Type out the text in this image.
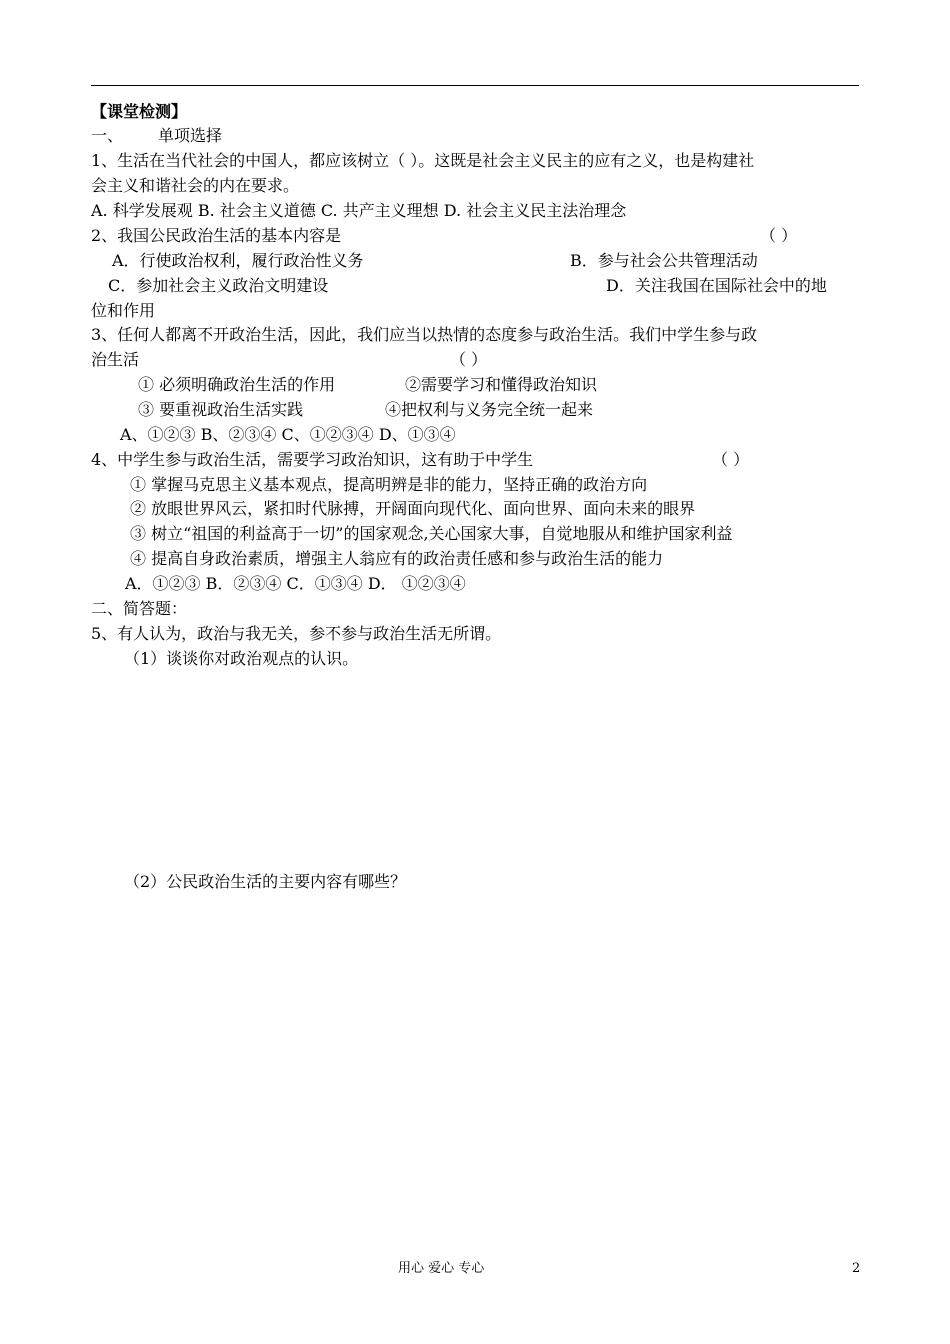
【课堂检测】
一、 单项选择
1、生活在当代社会的中国人，都应该树立（ ）。这既是社会主义民主的应有之义，也是构建社
会主义和谐社会的内在要求。
A. 科学发展观 B. 社会主义道德 C. 共产主义理想 D. 社会主义民主法治理念
2、我国公民政治生活的基本内容是	（ ）
A．行使政治权利，履行政治性义务	B．参与社会公共管理活动
C．参加社会主义政治文明建设	D．关注我国在国际社会中的地
位和作用
3、任何人都离不开政治生活，因此，我们应当以热情的态度参与政治生活。我们中学生参与政
治生活	（ ）
① 必须明确政治生活的作用	②需要学习和懂得政治知识
③ 要重视政治生活实践	④把权利与义务完全统一起来
A、①②③ B、②③④ C、①②③④ D、①③④
4、中学生参与政治生活，需要学习政治知识，这有助于中学生	（ ）
① 掌握马克思主义基本观点，提高明辨是非的能力，坚持正确的政治方向
② 放眼世界风云，紧扣时代脉搏，开阔面向现代化、面向世界、面向未来的眼界
③ 树立“祖国的利益高于一切”的国家观念,关心国家大事，自觉地服从和维护国家利益
④ 提高自身政治素质，增强主人翁应有的政治责任感和参与政治生活的能力
A．①②③ B．②③④ C．①③④ D． ①②③④
二、简答题：
5、有人认为，政治与我无关，参不参与政治生活无所谓。
（1）谈谈你对政治观点的认识。
（2）公民政治生活的主要内容有哪些？
用心 爱心 专心	2
